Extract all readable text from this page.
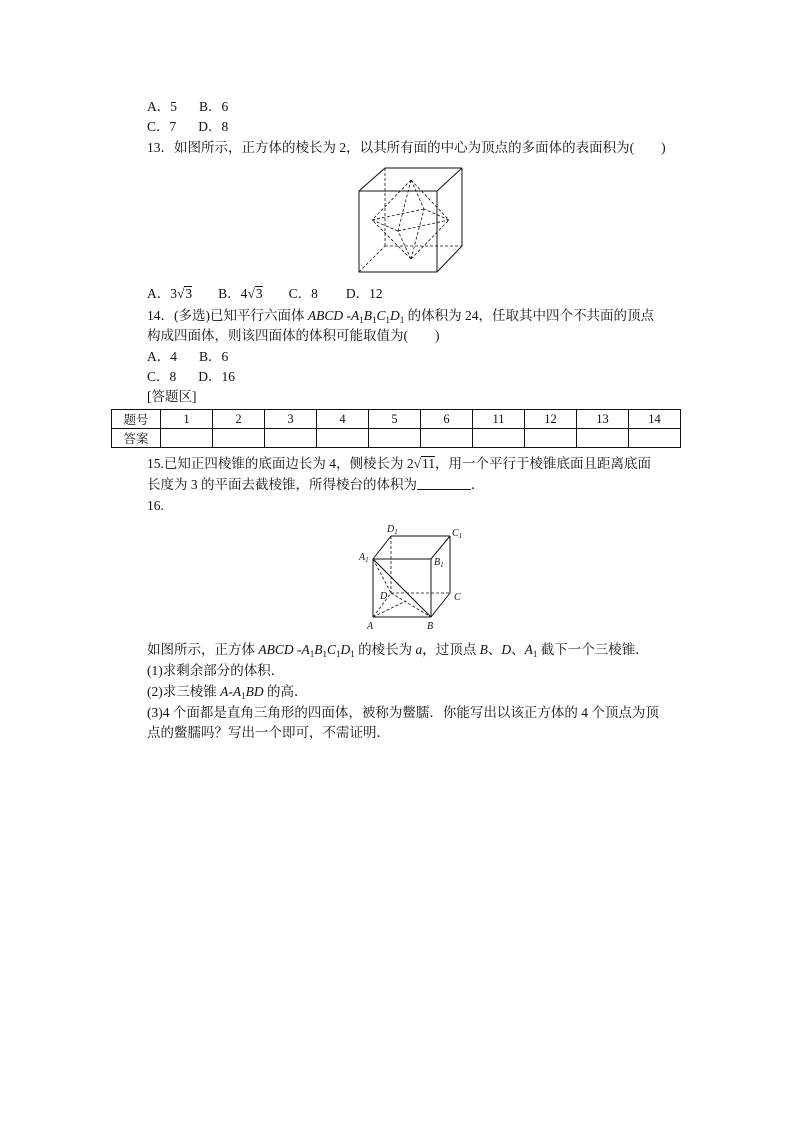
A．5 B．6
C．7 D．8
13．如图所示，正方体的棱长为 2，以其所有面的中心为顶点的多面体的表面积为(　　)
A．3√3 B．4√3 C．8 D．12
14．(多选)已知平行六面体 ABCD $-A_1B_1C_1D_1$ 的体积为 24，任取其中四个不共面的顶点
构成四面体，则该四面体的体积可能取值为(　　)
A．4 B．6
C．8 D．16
[答题区]
题号	1	2	3	4	5	6	11	12	13	14
答案										
15.已知正四棱锥的底面边长为 4，侧棱长为 2√11，用一个平行于棱锥底面且距离底面
长度为 3 的平面去截棱锥，所得棱台的体积为	．
16.
$D_1$	$C_1$
$A_1$	$B_1$
D	C
A	B
如图所示，正方体 ABCD $-A_1B_1C_1D_1$ 的棱长为 a，过顶点 B、D、$A_1$ 截下一个三棱锥．
(1)求剩余部分的体积．
(2)求三棱锥 $A-A_1BD$ 的高．
(3)4 个面都是直角三角形的四面体，被称为鳖臑．你能写出以该正方体的 4 个顶点为顶
点的鳖臑吗？写出一个即可，不需证明．
